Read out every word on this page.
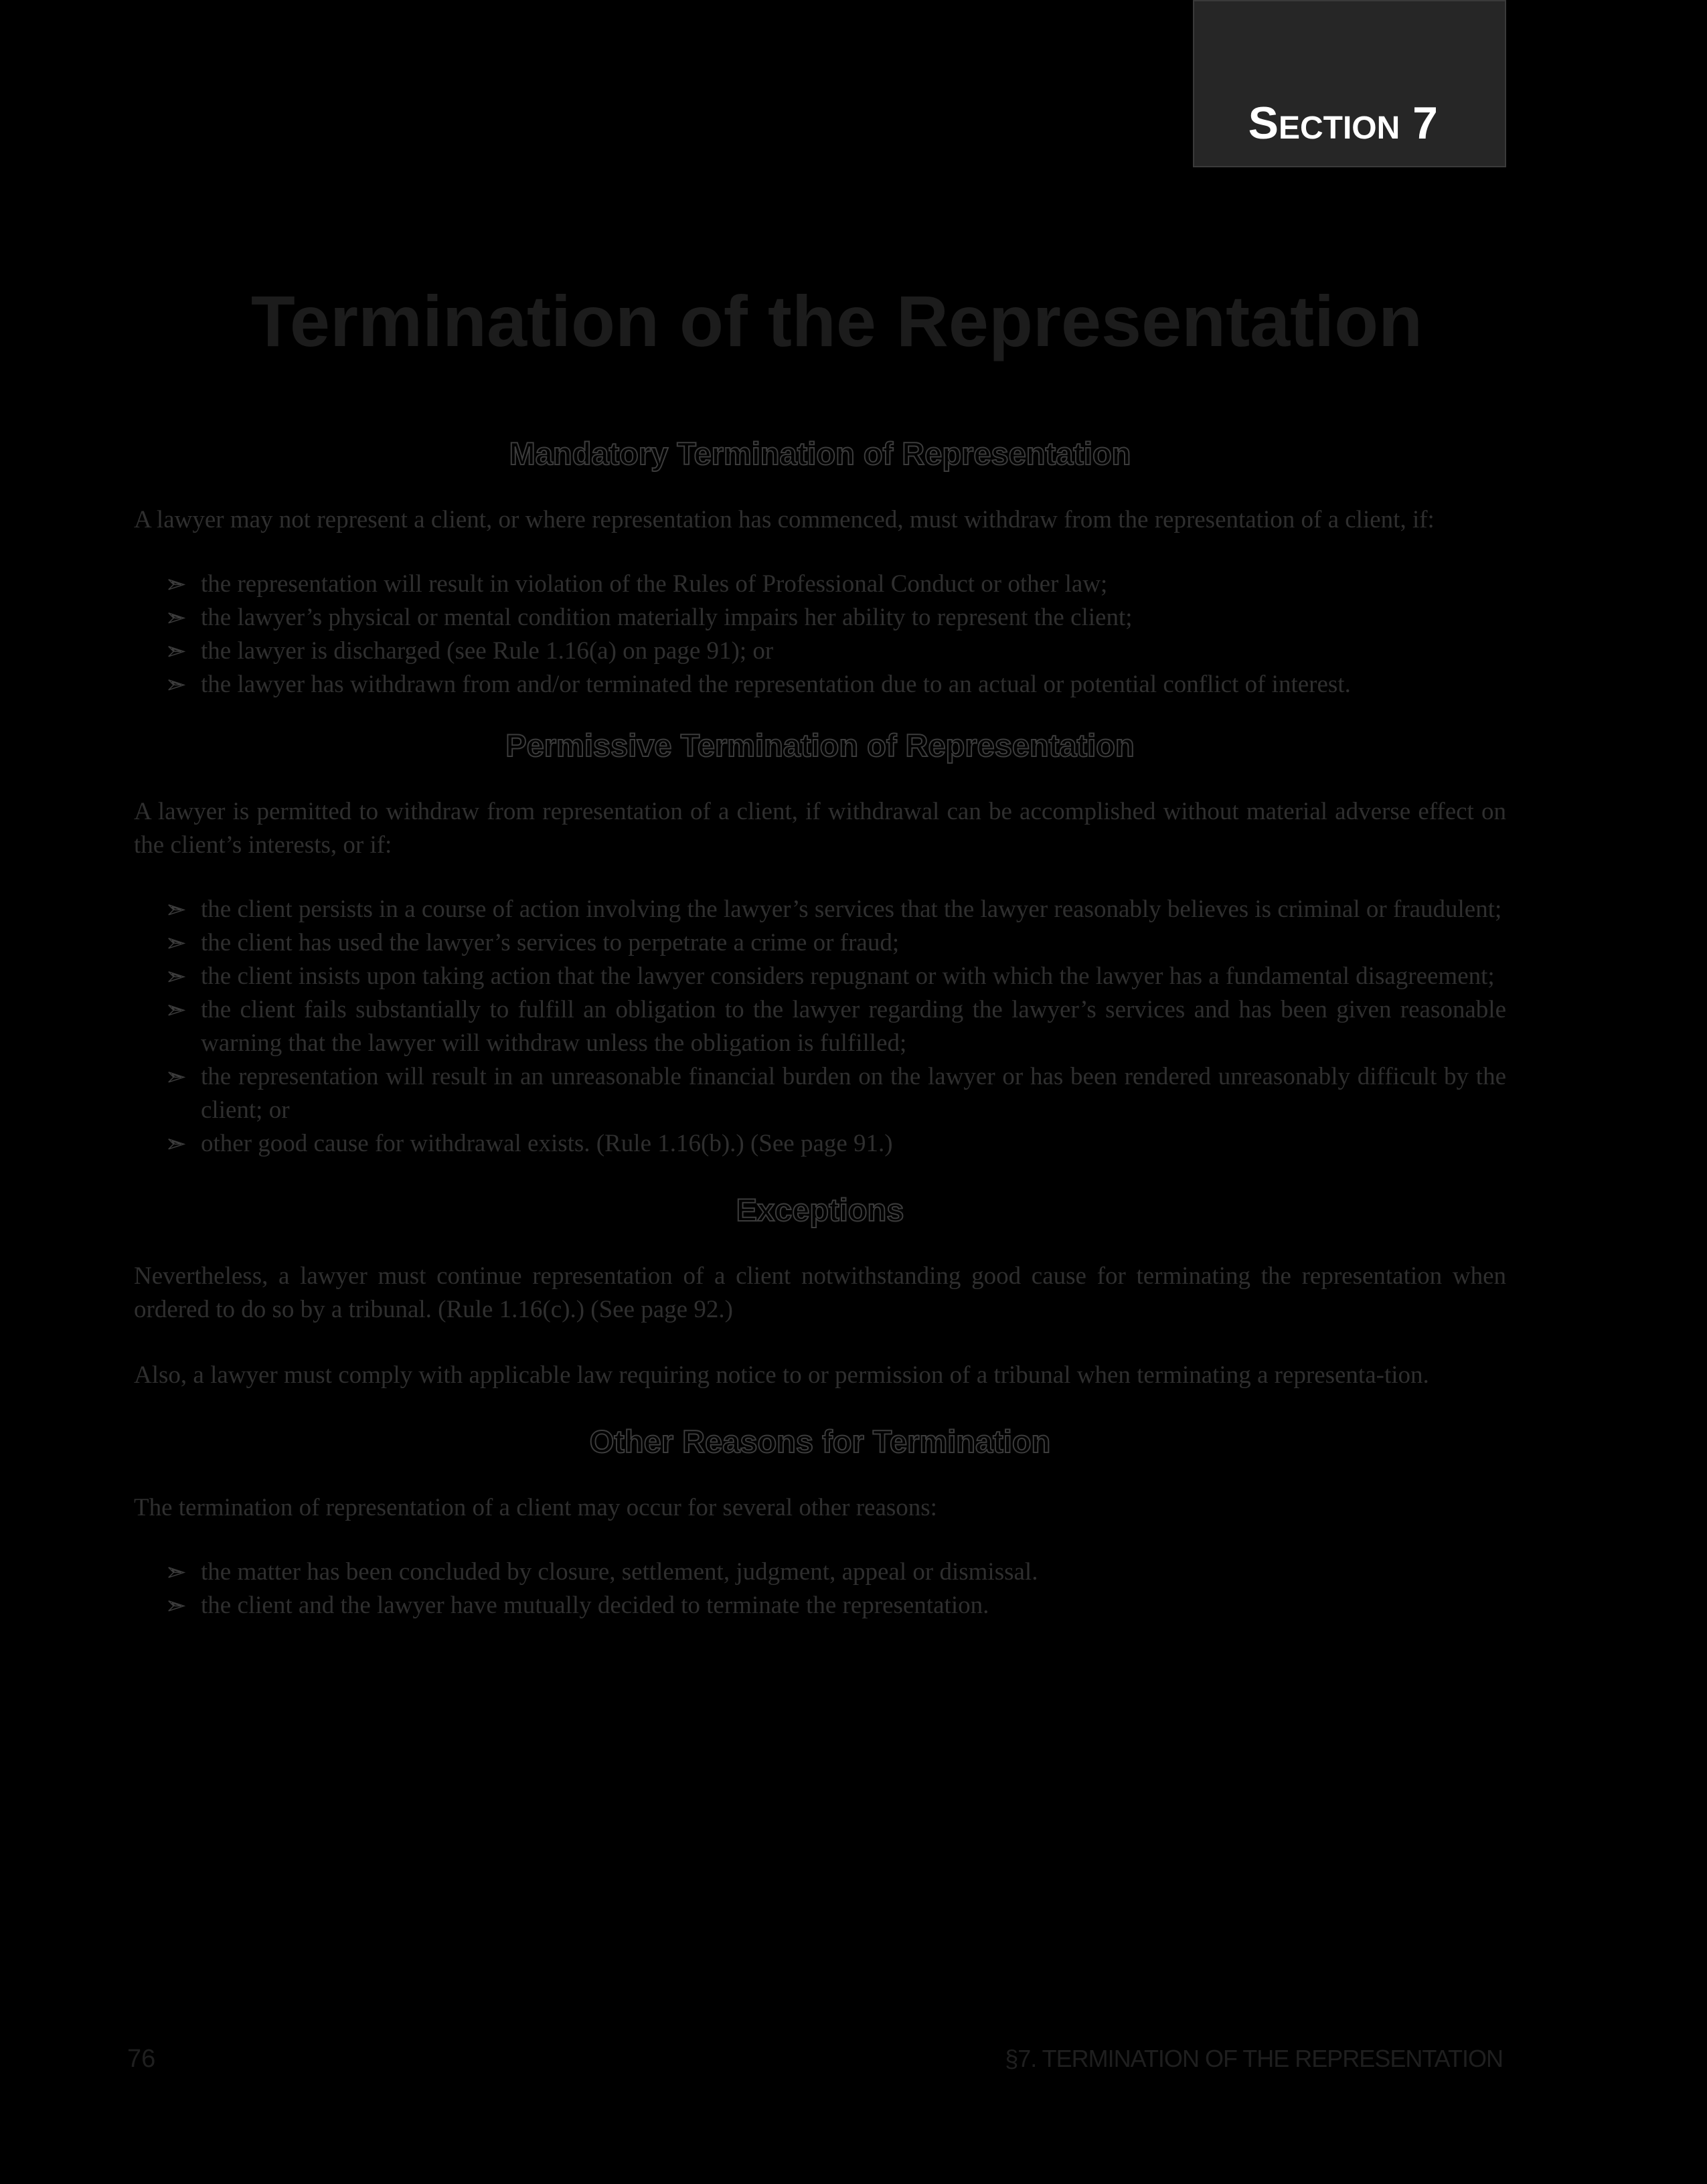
Section 7
Termination of the Representation
Mandatory Termination of Representation

A lawyer may not represent a client, or where representation has commenced, must withdraw from the representation of a client, if:

➢ the representation will result in violation of the Rules of Professional Conduct or other law;
➢ the lawyer’s physical or mental condition materially impairs her ability to represent the client;
➢ the lawyer is discharged (see Rule 1.16(a) on page 91); or
➢ the lawyer has withdrawn from and/or terminated the representation due to an actual or potential conflict of interest.
Permissive Termination of Representation

A lawyer is permitted to withdraw from representation of a client, if withdrawal can be accomplished without material adverse effect on the client’s interests, or if:

➢ the client persists in a course of action involving the lawyer’s services that the lawyer reasonably believes is criminal or fraudulent;
➢ the client has used the lawyer’s services to perpetrate a crime or fraud;
➢ the client insists upon taking action that the lawyer considers repugnant or with which the lawyer has a fundamental disagreement;
➢ the client fails substantially to fulfill an obligation to the lawyer regarding the lawyer’s services and has been given reasonable warning that the lawyer will withdraw unless the obligation is fulfilled;
➢ the representation will result in an unreasonable financial burden on the lawyer or has been rendered unreasonably difficult by the client; or
➢ other good cause for withdrawal exists. (Rule 1.16(b).) (See page 91.)
Exceptions

Nevertheless, a lawyer must continue representation of a client notwithstanding good cause for terminating the representation when ordered to do so by a tribunal. (Rule 1.16(c).) (See page 92.)

Also, a lawyer must comply with applicable law requiring notice to or permission of a tribunal when terminating a representa-tion.

Other Reasons for Termination

The termination of representation of a client may occur for several other reasons:

➢ the matter has been concluded by closure, settlement, judgment, appeal or dismissal.
➢ the client and the lawyer have mutually decided to terminate the representation.
76	§7. TERMINATION OF THE REPRESENTATION
